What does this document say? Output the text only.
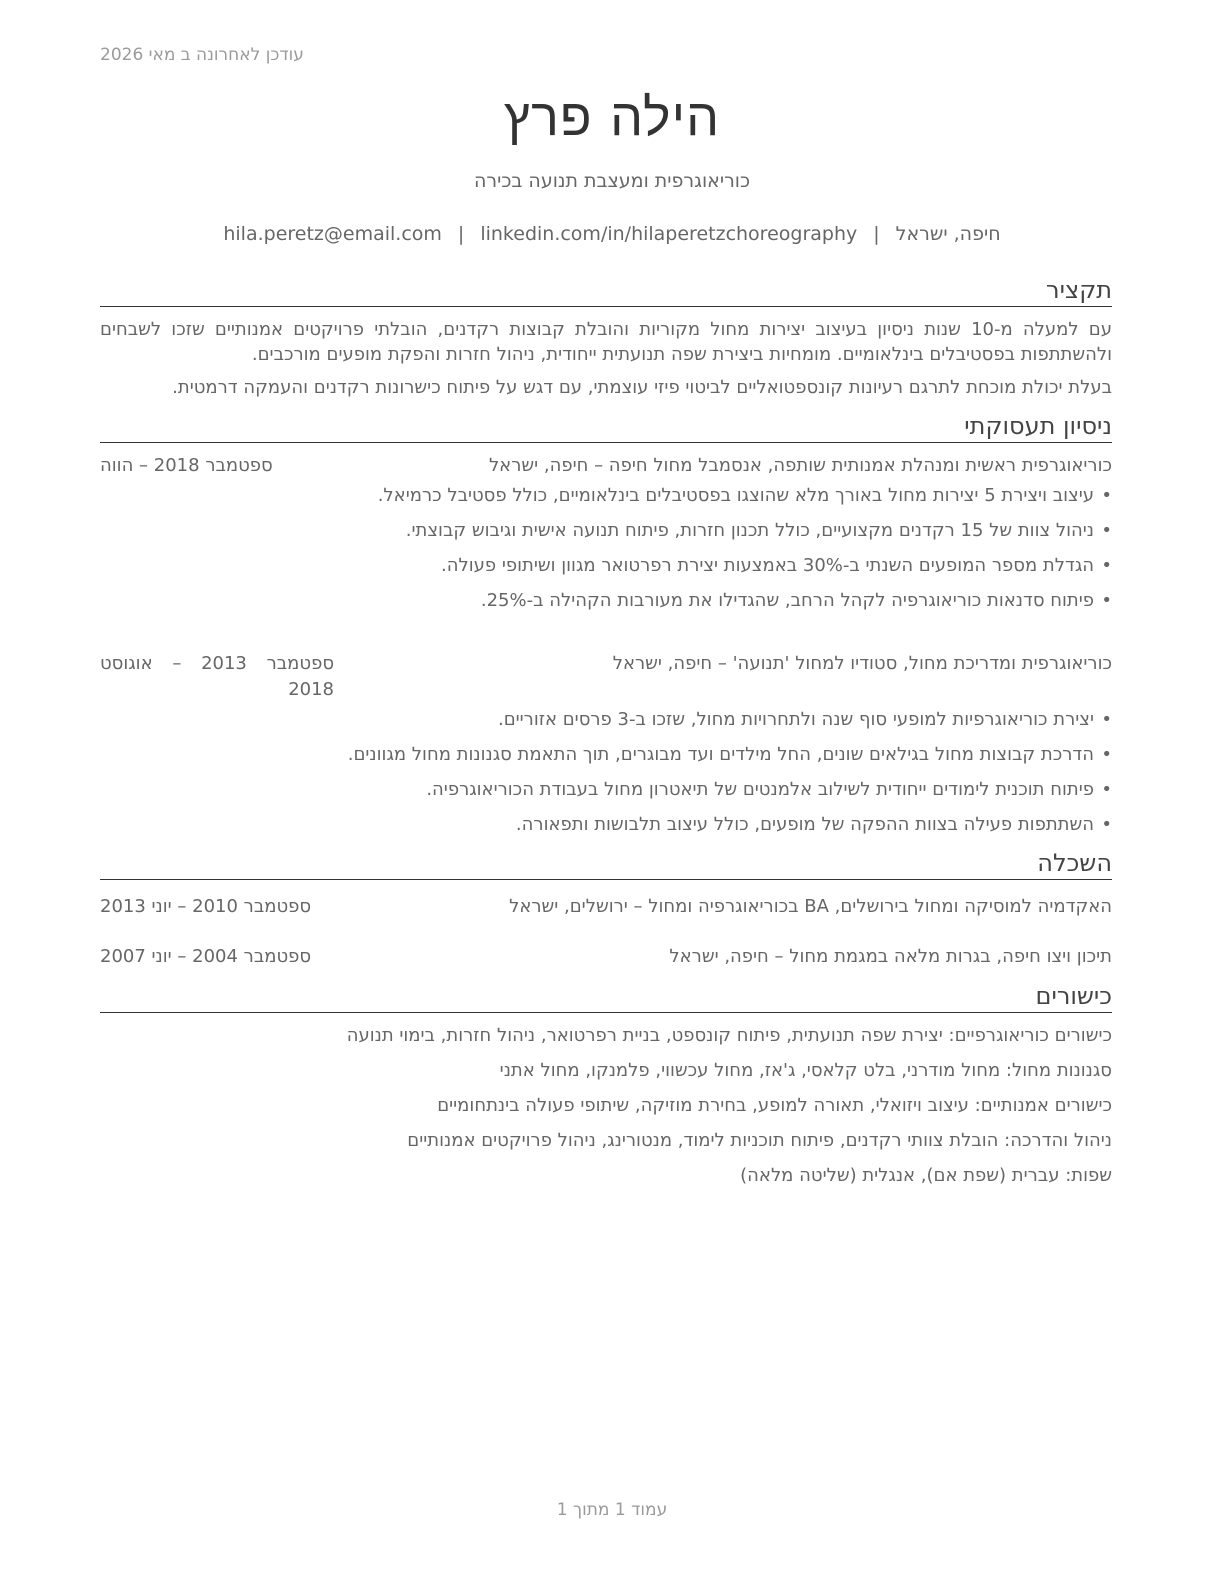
עודכן לאחרונה ב מאי 2026
הילה פרץ
כוריאוגרפית ומעצבת תנועה בכירה
חיפה, ישראל|hila.peretz@email.com | linkedin.com/in/hilaperetzchoreography
תקציר

עם למעלה מ-10 שנות ניסיון בעיצוב יצירות מחול מקוריות והובלת קבוצות רקדנים, הובלתי פרויקטים אמנותיים שזכו לשבחים ולהשתתפות בפסטיבלים בינלאומיים. מומחיות ביצירת שפה תנועתית ייחודית, ניהול חזרות והפקת מופעים מורכבים.

בעלת יכולת מוכחת לתרגם רעיונות קונספטואליים לביטוי פיזי עוצמתי, עם דגש על פיתוח כישרונות רקדנים והעמקה דרמטית.

ניסיון תעסוקתי
כוריאוגרפית ראשית ומנהלת אמנותית שותפה, אנסמבל מחול חיפה – חיפה, ישראל
ספטמבר 2018 – הווה
• עיצוב ויצירת 5 יצירות מחול באורך מלא שהוצגו בפסטיבלים בינלאומיים, כולל פסטיבל כרמיאל.
• ניהול צוות של 15 רקדנים מקצועיים, כולל תכנון חזרות, פיתוח תנועה אישית וגיבוש קבוצתי.
• הגדלת מספר המופעים השנתי ב-30% באמצעות יצירת רפרטואר מגוון ושיתופי פעולה.
• פיתוח סדנאות כוריאוגרפיה לקהל הרחב, שהגדילו את מעורבות הקהילה ב-25%.
כוריאוגרפית ומדריכת מחול, סטודיו למחול 'תנועה' – חיפה, ישראל
ספטמבר 2013 – אוגוסט 2018
• יצירת כוריאוגרפיות למופעי סוף שנה ולתחרויות מחול, שזכו ב-3 פרסים אזוריים.
• הדרכת קבוצות מחול בגילאים שונים, החל מילדים ועד מבוגרים, תוך התאמת סגנונות מחול מגוונים.
• פיתוח תוכנית לימודים ייחודית לשילוב אלמנטים של תיאטרון מחול בעבודת הכוריאוגרפיה.
• השתתפות פעילה בצוות ההפקה של מופעים, כולל עיצוב תלבושות ותפאורה.
השכלה
האקדמיה למוסיקה ומחול בירושלים, BA בכוריאוגרפיה ומחול – ירושלים, ישראל
ספטמבר 2010 – יוני 2013
תיכון ויצו חיפה, בגרות מלאה במגמת מחול – חיפה, ישראל
ספטמבר 2004 – יוני 2007
כישורים
כישורים כוריאוגרפיים: יצירת שפה תנועתית, פיתוח קונספט, בניית רפרטואר, ניהול חזרות, בימוי תנועה
סגנונות מחול: מחול מודרני, בלט קלאסי, ג'אז, מחול עכשווי, פלמנקו, מחול אתני
כישורים אמנותיים: עיצוב ויזואלי, תאורה למופע, בחירת מוזיקה, שיתופי פעולה בינתחומיים
ניהול והדרכה: הובלת צוותי רקדנים, פיתוח תוכניות לימוד, מנטורינג, ניהול פרויקטים אמנותיים
שפות: עברית (שפת אם), אנגלית (שליטה מלאה)
עמוד 1 מתוך 1
